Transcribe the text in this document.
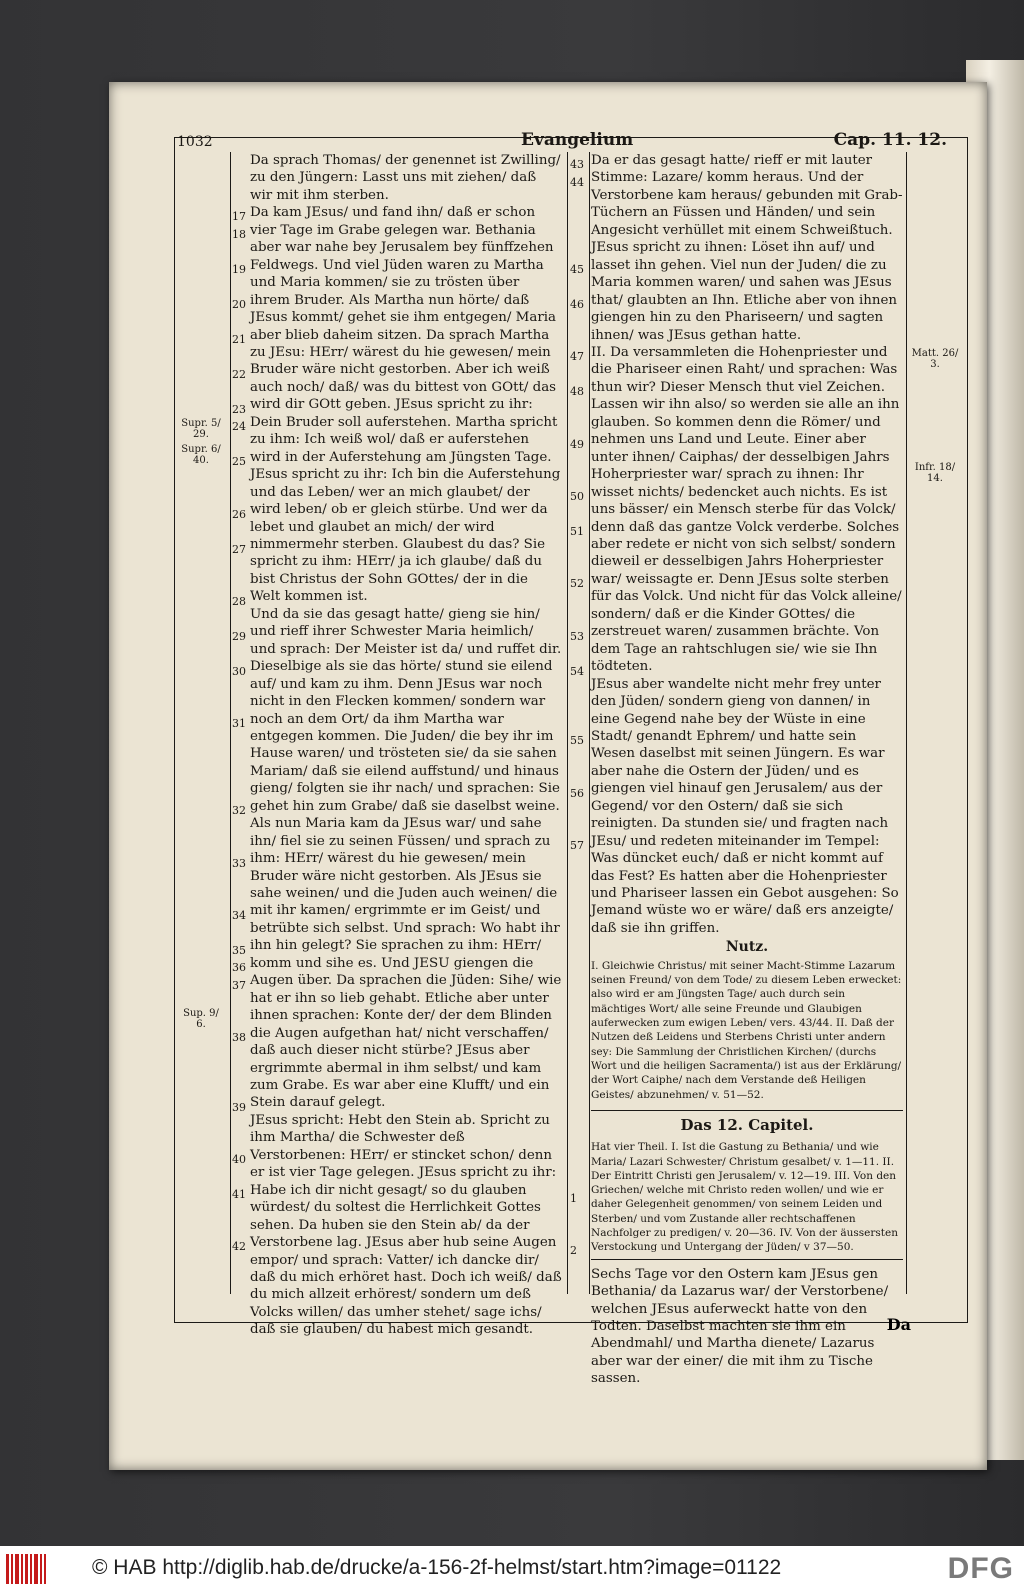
1032	Evangelium	Cap. 11. 12.
Supr. 5/ 29.
Supr. 6/ 40.
Sup. 9/ 6.
Matt. 26/ 3.
Infr. 18/ 14.
17
18
19
20
21
22
23
24
25
26
27
28
29
30
31
32
33
34
35
36
37
38
39
40
41
42

Da sprach Thomas/ der genennet ist Zwilling/ zu den Jüngern: Lasst uns mit ziehen/ daß wir mit ihm sterben.

Da kam JEsus/ und fand ihn/ daß er schon vier Tage im Grabe gelegen war. Bethania aber war nahe bey Jerusalem bey fünffzehen Feldwegs. Und viel Jüden waren zu Martha und Maria kommen/ sie zu trösten über ihrem Bruder. Als Martha nun hörte/ daß JEsus kommt/ gehet sie ihm entgegen/ Maria aber blieb daheim sitzen. Da sprach Martha zu JEsu: HErr/ wärest du hie gewesen/ mein Bruder wäre nicht gestorben. Aber ich weiß auch noch/ daß/ was du bittest von GOtt/ das wird dir GOtt geben. JEsus spricht zu ihr: Dein Bruder soll auferstehen. Martha spricht zu ihm: Ich weiß wol/ daß er auferstehen wird in der Auferstehung am Jüngsten Tage. JEsus spricht zu ihr: Ich bin die Auferstehung und das Leben/ wer an mich glaubet/ der wird leben/ ob er gleich stürbe. Und wer da lebet und glaubet an mich/ der wird nimmermehr sterben. Glaubest du das? Sie spricht zu ihm: HErr/ ja ich glaube/ daß du bist Christus der Sohn GOttes/ der in die Welt kommen ist.

Und da sie das gesagt hatte/ gieng sie hin/ und rieff ihrer Schwester Maria heimlich/ und sprach: Der Meister ist da/ und ruffet dir. Dieselbige als sie das hörte/ stund sie eilend auf/ und kam zu ihm. Denn JEsus war noch nicht in den Flecken kommen/ sondern war noch an dem Ort/ da ihm Martha war entgegen kommen. Die Juden/ die bey ihr im Hause waren/ und trösteten sie/ da sie sahen Mariam/ daß sie eilend auffstund/ und hinaus gieng/ folgten sie ihr nach/ und sprachen: Sie gehet hin zum Grabe/ daß sie daselbst weine.

Als nun Maria kam da JEsus war/ und sahe ihn/ fiel sie zu seinen Füssen/ und sprach zu ihm: HErr/ wärest du hie gewesen/ mein Bruder wäre nicht gestorben. Als JEsus sie sahe weinen/ und die Juden auch weinen/ die mit ihr kamen/ ergrimmte er im Geist/ und betrübte sich selbst. Und sprach: Wo habt ihr ihn hin gelegt? Sie sprachen zu ihm: HErr/ komm und sihe es. Und JESU giengen die Augen über. Da sprachen die Jüden: Sihe/ wie hat er ihn so lieb gehabt. Etliche aber unter ihnen sprachen: Konte der/ der dem Blinden die Augen aufgethan hat/ nicht verschaffen/ daß auch dieser nicht stürbe? JEsus aber ergrimmte abermal in ihm selbst/ und kam zum Grabe. Es war aber eine Klufft/ und ein Stein darauf gelegt.

JEsus spricht: Hebt den Stein ab. Spricht zu ihm Martha/ die Schwester deß Verstorbenen: HErr/ er stincket schon/ denn er ist vier Tage gelegen. JEsus spricht zu ihr: Habe ich dir nicht gesagt/ so du glauben würdest/ du soltest die Herrlichkeit Gottes sehen. Da huben sie den Stein ab/ da der Verstorbene lag. JEsus aber hub seine Augen empor/ und sprach: Vatter/ ich dancke dir/ daß du mich erhöret hast. Doch ich weiß/ daß du mich allzeit erhörest/ sondern um deß Volcks willen/ das umher stehet/ sage ichs/ daß sie glauben/ du habest mich gesandt.

43
44
45
46
47
48
49
50
51
52
53
54
55
56
57
1
2

Da er das gesagt hatte/ rieff er mit lauter Stimme: Lazare/ komm heraus. Und der Verstorbene kam heraus/ gebunden mit Grab-Tüchern an Füssen und Händen/ und sein Angesicht verhüllet mit einem Schweißtuch. JEsus spricht zu ihnen: Löset ihn auf/ und lasset ihn gehen. Viel nun der Juden/ die zu Maria kommen waren/ und sahen was JEsus that/ glaubten an Ihn. Etliche aber von ihnen giengen hin zu den Phariseern/ und sagten ihnen/ was JEsus gethan hatte.

II. Da versammleten die Hohenpriester und die Phariseer einen Raht/ und sprachen: Was thun wir? Dieser Mensch thut viel Zeichen. Lassen wir ihn also/ so werden sie alle an ihn glauben. So kommen denn die Römer/ und nehmen uns Land und Leute. Einer aber unter ihnen/ Caiphas/ der desselbigen Jahrs Hoherpriester war/ sprach zu ihnen: Ihr wisset nichts/ bedencket auch nichts. Es ist uns bässer/ ein Mensch sterbe für das Volck/ denn daß das gantze Volck verderbe. Solches aber redete er nicht von sich selbst/ sondern dieweil er desselbigen Jahrs Hoherpriester war/ weissagte er. Denn JEsus solte sterben für das Volck. Und nicht für das Volck alleine/ sondern/ daß er die Kinder GOttes/ die zerstreuet waren/ zusammen brächte. Von dem Tage an rahtschlugen sie/ wie sie Ihn tödteten.

JEsus aber wandelte nicht mehr frey unter den Jüden/ sondern gieng von dannen/ in eine Gegend nahe bey der Wüste in eine Stadt/ genandt Ephrem/ und hatte sein Wesen daselbst mit seinen Jüngern. Es war aber nahe die Ostern der Jüden/ und es giengen viel hinauf gen Jerusalem/ aus der Gegend/ vor den Ostern/ daß sie sich reinigten. Da stunden sie/ und fragten nach JEsu/ und redeten miteinander im Tempel: Was düncket euch/ daß er nicht kommt auf das Fest? Es hatten aber die Hohenpriester und Phariseer lassen ein Gebot ausgehen: So Jemand wüste wo er wäre/ daß ers anzeigte/ daß sie ihn griffen.

Nutz.

I. Gleichwie Christus/ mit seiner Macht-Stimme Lazarum seinen Freund/ von dem Tode/ zu diesem Leben erwecket: also wird er am Jüngsten Tage/ auch durch sein mächtiges Wort/ alle seine Freunde und Glaubigen auferwecken zum ewigen Leben/ vers. 43/44. II. Daß der Nutzen deß Leidens und Sterbens Christi unter andern sey: Die Sammlung der Christlichen Kirchen/ (durchs Wort und die heiligen Sacramenta/) ist aus der Erklärung/ der Wort Caiphe/ nach dem Verstande deß Heiligen Geistes/ abzunehmen/ v. 51—52.

Das 12. Capitel.

Hat vier Theil. I. Ist die Gastung zu Bethania/ und wie Maria/ Lazari Schwester/ Christum gesalbet/ v. 1—11. II. Der Eintritt Christi gen Jerusalem/ v. 12—19. III. Von den Griechen/ welche mit Christo reden wollen/ und wie er daher Gelegenheit genommen/ von seinem Leiden und Sterben/ und vom Zustande aller rechtschaffenen Nachfolger zu predigen/ v. 20—36. IV. Von der äussersten Verstockung und Untergang der Jüden/ v 37—50.

Sechs Tage vor den Ostern kam JEsus gen Bethania/ da Lazarus war/ der Verstorbene/ welchen JEsus auferweckt hatte von den Todten. Daselbst machten sie ihm ein Abendmahl/ und Martha dienete/ Lazarus aber war der einer/ die mit ihm zu Tische sassen.

Da
© HAB http://diglib.hab.de/drucke/a-156-2f-helmst/start.htm?image=01122	DFG
